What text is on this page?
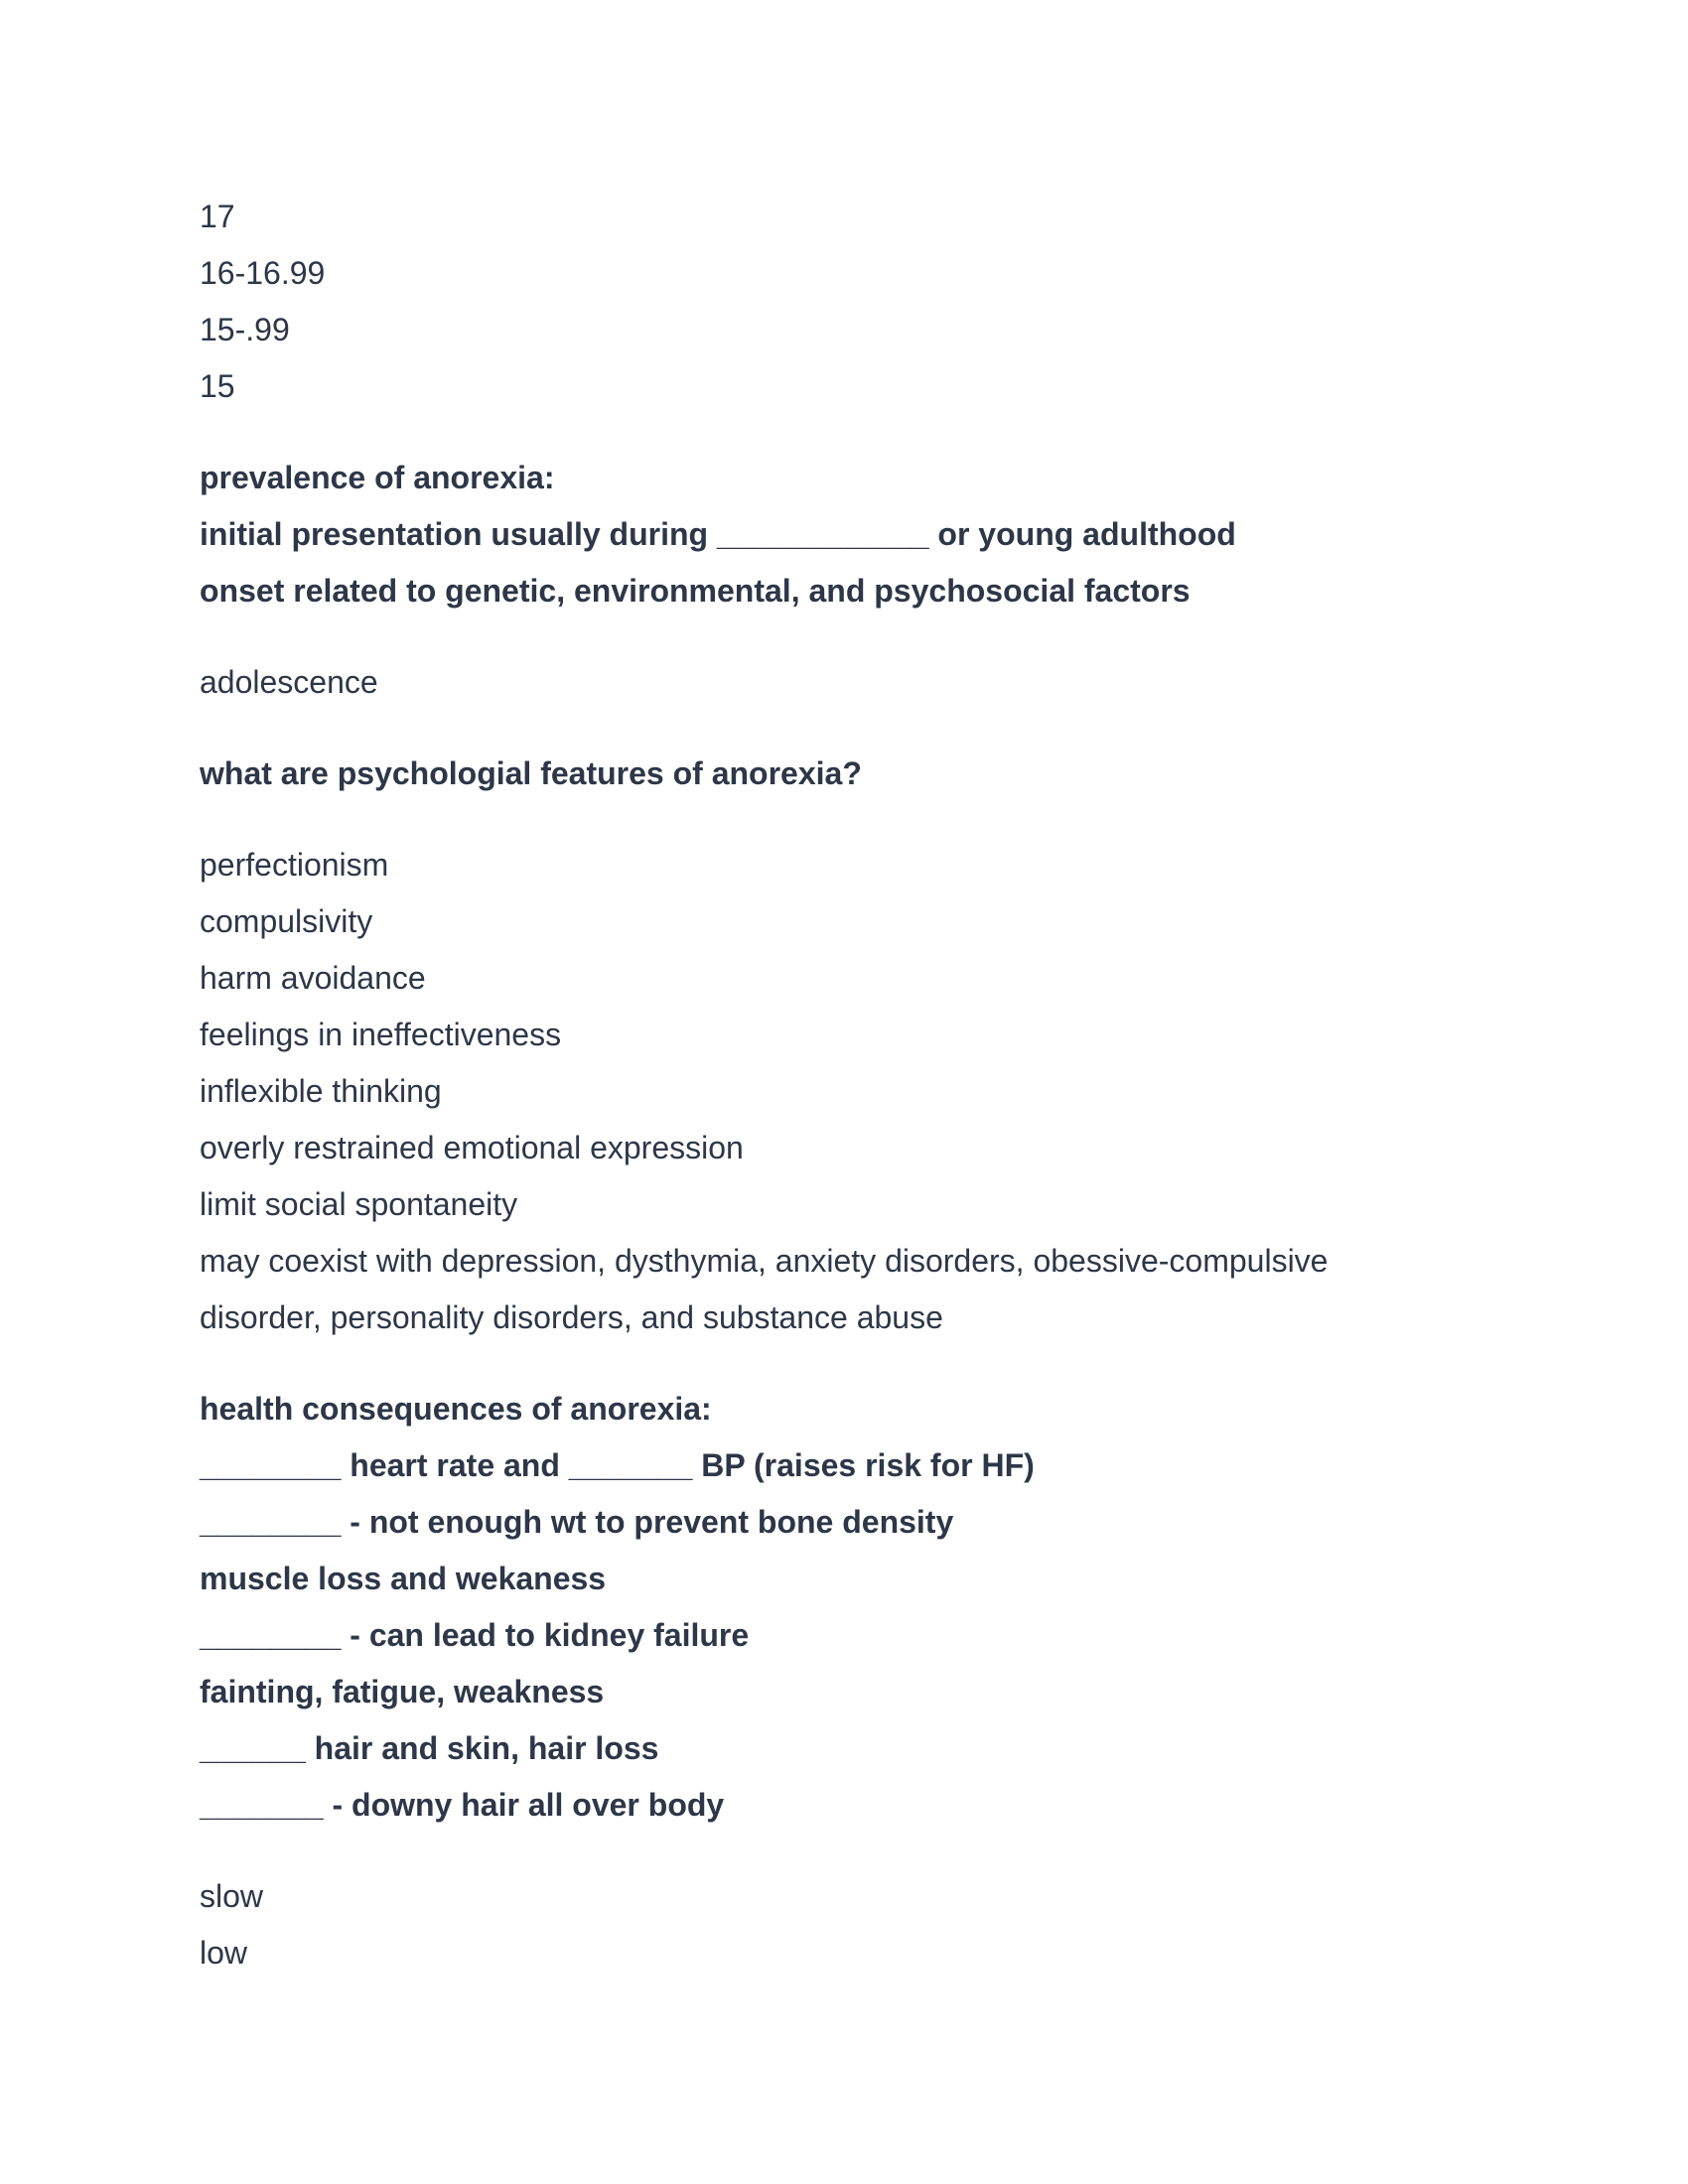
17
16-16.99
15-.99
15

prevalence of anorexia:
initial presentation usually during ____________ or young adulthood
onset related to genetic, environmental, and psychosocial factors

adolescence

what are psychologial features of anorexia?

perfectionism
compulsivity
harm avoidance
feelings in ineffectiveness
inflexible thinking
overly restrained emotional expression
limit social spontaneity
may coexist with depression, dysthymia, anxiety disorders, obessive-compulsive
disorder, personality disorders, and substance abuse

health consequences of anorexia:
________ heart rate and _______ BP (raises risk for HF)
________ - not enough wt to prevent bone density
muscle loss and wekaness
________ - can lead to kidney failure
fainting, fatigue, weakness
______ hair and skin, hair loss
_______ - downy hair all over body

slow
low
